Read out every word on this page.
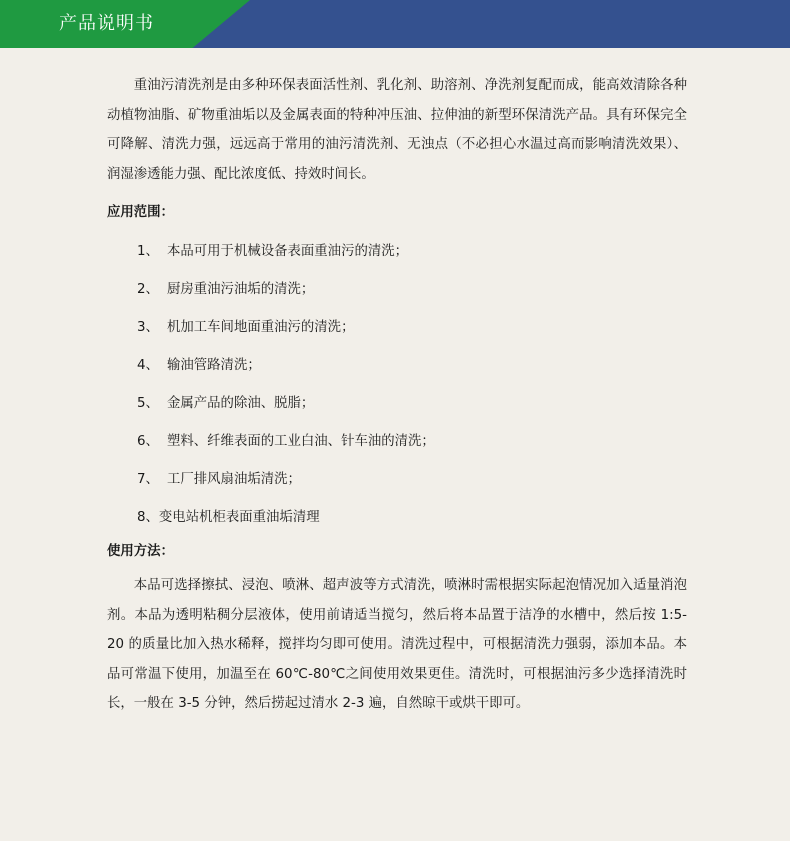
产品说明书

重油污清洗剂是由多种环保表面活性剂、乳化剂、助溶剂、净洗剂复配而成，能高效清除各种动植物油脂、矿物重油垢以及金属表面的特种冲压油、拉伸油的新型环保清洗产品。具有环保完全可降解、清洗力强，远远高于常用的油污清洗剂、无浊点（不必担心水温过高而影响清洗效果）、润湿渗透能力强、配比浓度低、持效时间长。

应用范围：
1、 本品可用于机械设备表面重油污的清洗；
2、 厨房重油污油垢的清洗；
3、 机加工车间地面重油污的清洗；
4、 输油管路清洗；
5、 金属产品的除油、脱脂；
6、 塑料、纤维表面的工业白油、针车油的清洗；
7、 工厂排风扇油垢清洗；
8、变电站机柜表面重油垢清理
使用方法：

本品可选择擦拭、浸泡、喷淋、超声波等方式清洗，喷淋时需根据实际起泡情况加入适量消泡剂。本品为透明粘稠分层液体，使用前请适当搅匀，然后将本品置于洁净的水槽中，然后按 1:5-20 的质量比加入热水稀释，搅拌均匀即可使用。清洗过程中，可根据清洗力强弱，添加本品。本品可常温下使用，加温至在 60℃-80℃之间使用效果更佳。清洗时，可根据油污多少选择清洗时长，一般在 3-5 分钟，然后捞起过清水 2-3 遍，自然晾干或烘干即可。
